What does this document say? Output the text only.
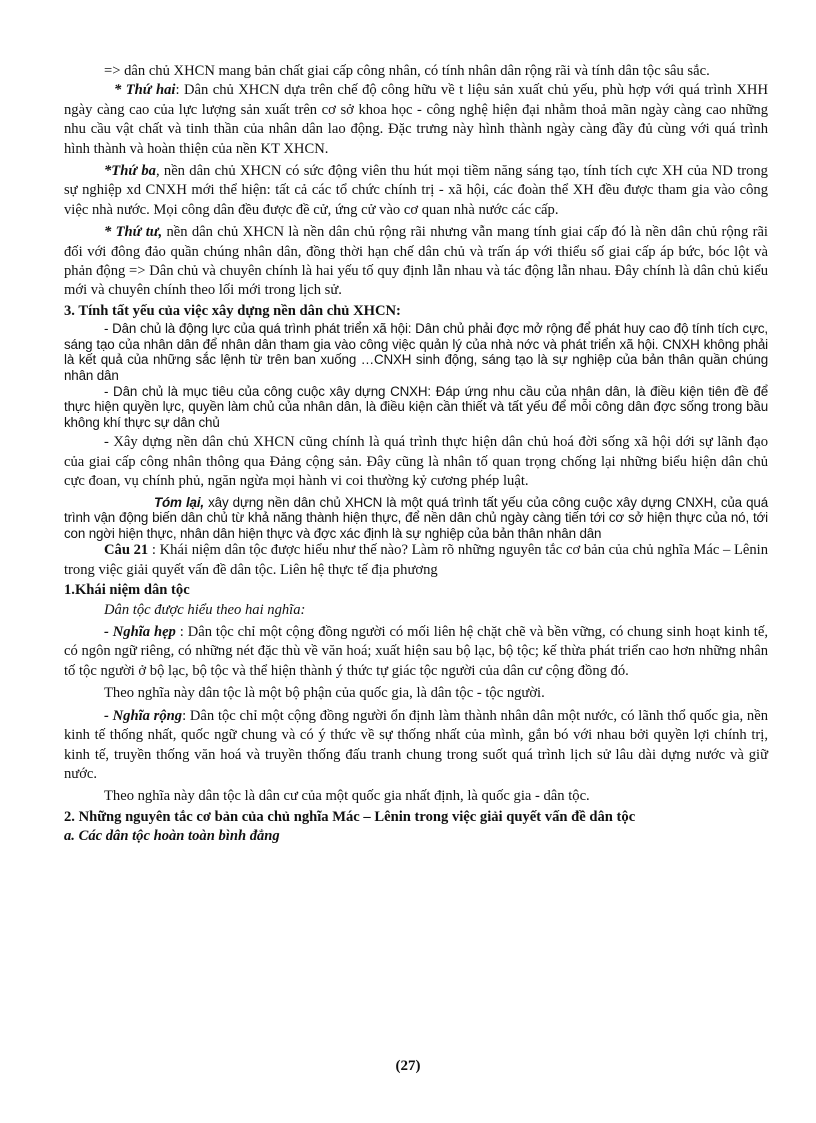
=> dân chủ XHCN mang bản chất giai cấp công nhân, có tính nhân dân rộng rãi và tính dân tộc sâu sắc.

* Thứ hai: Dân chủ XHCN dựa trên chế độ công hữu về t liệu sản xuất chủ yếu, phù hợp với quá trình XHH ngày càng cao của lực lượng sản xuất trên cơ sở khoa học - công nghệ hiện đại nhằm thoả mãn ngày càng cao những nhu cầu vật chất và tinh thần của nhân dân lao động. Đặc trưng này hình thành ngày càng đầy đủ cùng với quá trình hình thành và hoàn thiện của nền KT XHCN.

*Thứ ba, nền dân chủ XHCN có sức động viên thu hút mọi tiềm năng sáng tạo, tính tích cực XH của ND trong sự nghiệp xd CNXH mới thể hiện: tất cả các tổ chức chính trị - xã hội, các đoàn thể XH đều được tham gia vào công việc nhà nước. Mọi công dân đều được đề cử, ứng cử vào cơ quan nhà nước các cấp.

* Thứ tư, nền dân chủ XHCN là nền dân chủ rộng rãi nhưng vẫn mang tính giai cấp đó là nền dân chủ rộng rãi đối với đông đảo quần chúng nhân dân, đồng thời hạn chế dân chủ và trấn áp với thiểu số giai cấp áp bức, bóc lột và phản động => Dân chủ và chuyên chính là hai yếu tố quy định lẫn nhau và tác động lẫn nhau. Đây chính là dân chủ kiểu mới và chuyên chính theo lối mới trong lịch sử.

3. Tính tất yếu của việc xây dựng nền dân chủ XHCN:

- Dân chủ là động lực của quá trình phát triển xã hội: Dân chủ phải đợc mở rộng để phát huy cao độ tính tích cực, sáng tạo của nhân dân để nhân dân tham gia vào công việc quản lý của nhà nớc và phát triển xã hội. CNXH không phải là kết quả của những sắc lệnh từ trên ban xuống …CNXH sinh động, sáng tạo là sự nghiệp của bản thân quần chúng nhân dân

- Dân chủ là mục tiêu của công cuộc xây dựng CNXH: Đáp ứng nhu cầu của nhân dân, là điều kiện tiên đề để thực hiện quyền lực, quyền làm chủ của nhân dân, là điều kiện cần thiết và tất yếu để mỗi công dân đợc sống trong bầu không khí thực sự dân chủ

- Xây dựng nền dân chủ XHCN cũng chính là quá trình thực hiện dân chủ hoá đời sống xã hội dới sự lãnh đạo của giai cấp công nhân thông qua Đảng cộng sản. Đây cũng là nhân tố quan trọng chống lại những biểu hiện dân chủ cực đoan, vụ chính phủ, ngăn ngừa mọi hành vi coi thường kỷ cương phép luật.

Tóm lại, xây dựng nền dân chủ XHCN là một quá trình tất yếu của công cuộc xây dựng CNXH, của quá trình vận động biến dân chủ từ khả năng thành hiện thực, để nền dân chủ ngày càng tiến tới cơ sở hiện thực của nó, tới con ngời hiện thực, nhân dân hiện thực và đợc xác định là sự nghiệp của bản thân nhân dân

Câu 21 : Khái niệm dân tộc được hiểu như thế nào? Làm rõ những nguyên tắc cơ bản của chủ nghĩa Mác – Lênin trong việc giải quyết vấn đề dân tộc. Liên hệ thực tế địa phương

1.Khái niệm dân tộc

Dân tộc được hiểu theo hai nghĩa:

- Nghĩa hẹp : Dân tộc chỉ một cộng đồng người có mối liên hệ chặt chẽ và bền vững, có chung sinh hoạt kinh tế, có ngôn ngữ riêng, có những nét đặc thù về văn hoá; xuất hiện sau bộ lạc, bộ tộc; kế thừa phát triển cao hơn những nhân tố tộc người ở bộ lạc, bộ tộc và thể hiện thành ý thức tự giác tộc người của dân cư cộng đồng đó.

Theo nghĩa này dân tộc là một bộ phận của quốc gia, là dân tộc - tộc người.

- Nghĩa rộng: Dân tộc chỉ một cộng đồng người ổn định làm thành nhân dân một nước, có lãnh thổ quốc gia, nền kinh tế thống nhất, quốc ngữ chung và có ý thức về sự thống nhất của mình, gắn bó với nhau bởi quyền lợi chính trị, kinh tế, truyền thống văn hoá và truyền thống đấu tranh chung trong suốt quá trình lịch sử lâu dài dựng nước và giữ nước.

Theo nghĩa này dân tộc là dân cư của một quốc gia nhất định, là quốc gia - dân tộc.

2. Những nguyên tắc cơ bản của chủ nghĩa Mác – Lênin trong việc giải quyết vấn đề dân tộc

a. Các dân tộc hoàn toàn bình đẳng

(27)
